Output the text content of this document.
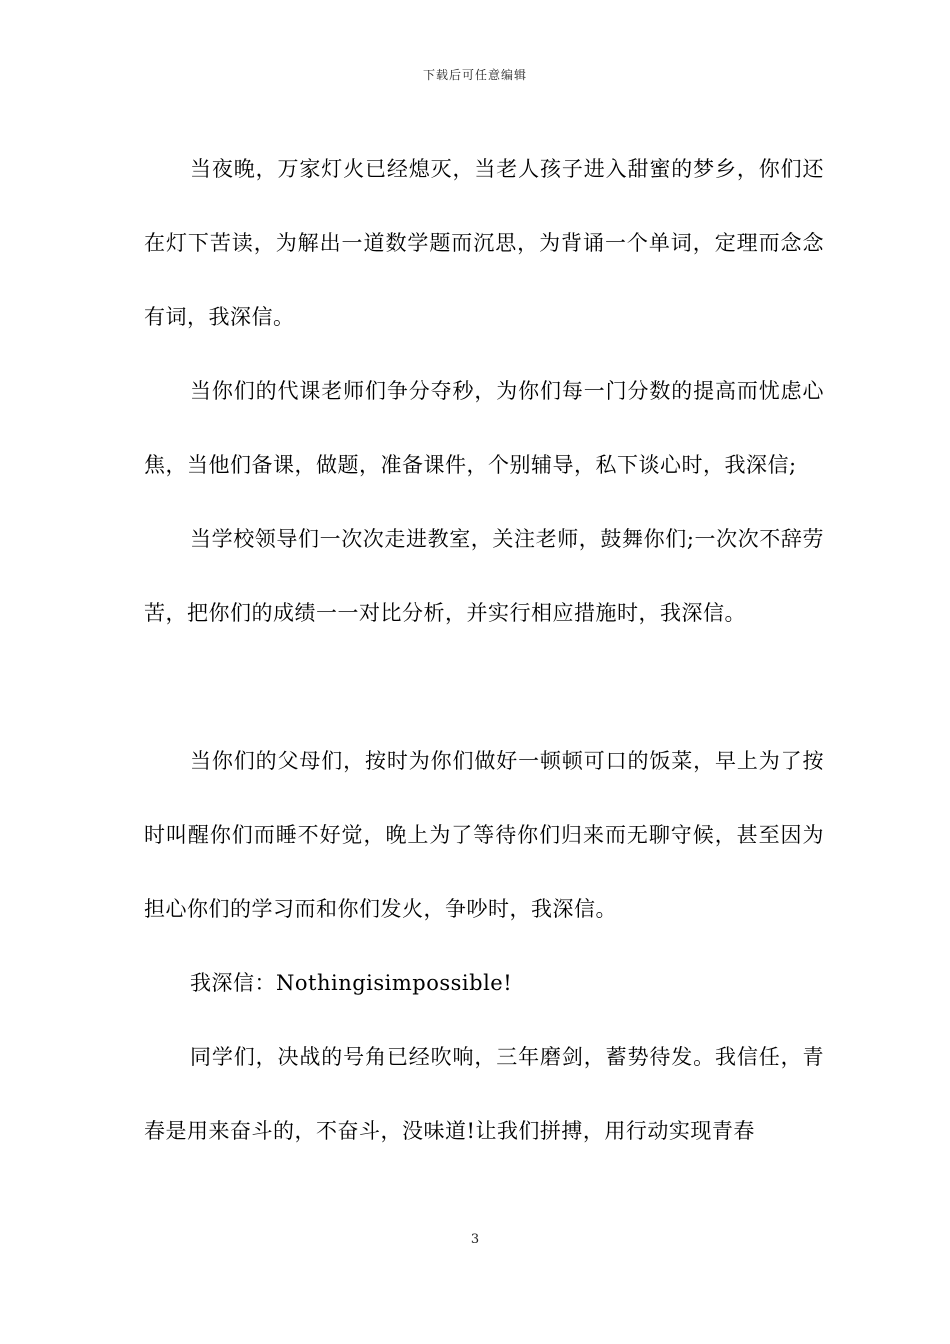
下载后可任意编辑

当夜晚，万家灯火已经熄灭，当老人孩子进入甜蜜的梦乡，你们还在灯下苦读，为解出一道数学题而沉思，为背诵一个单词，定理而念念有词，我深信。

当你们的代课老师们争分夺秒，为你们每一门分数的提高而忧虑心焦，当他们备课，做题，准备课件，个别辅导，私下谈心时，我深信;

当学校领导们一次次走进教室，关注老师，鼓舞你们;一次次不辞劳苦，把你们的成绩一一对比分析，并实行相应措施时，我深信。

当你们的父母们，按时为你们做好一顿顿可口的饭菜，早上为了按时叫醒你们而睡不好觉，晚上为了等待你们归来而无聊守候，甚至因为担心你们的学习而和你们发火，争吵时，我深信。

我深信：Nothingisimpossible!

同学们，决战的号角已经吹响，三年磨剑，蓄势待发。我信任，青春是用来奋斗的，不奋斗，没味道!让我们拼搏，用行动实现青春

3
